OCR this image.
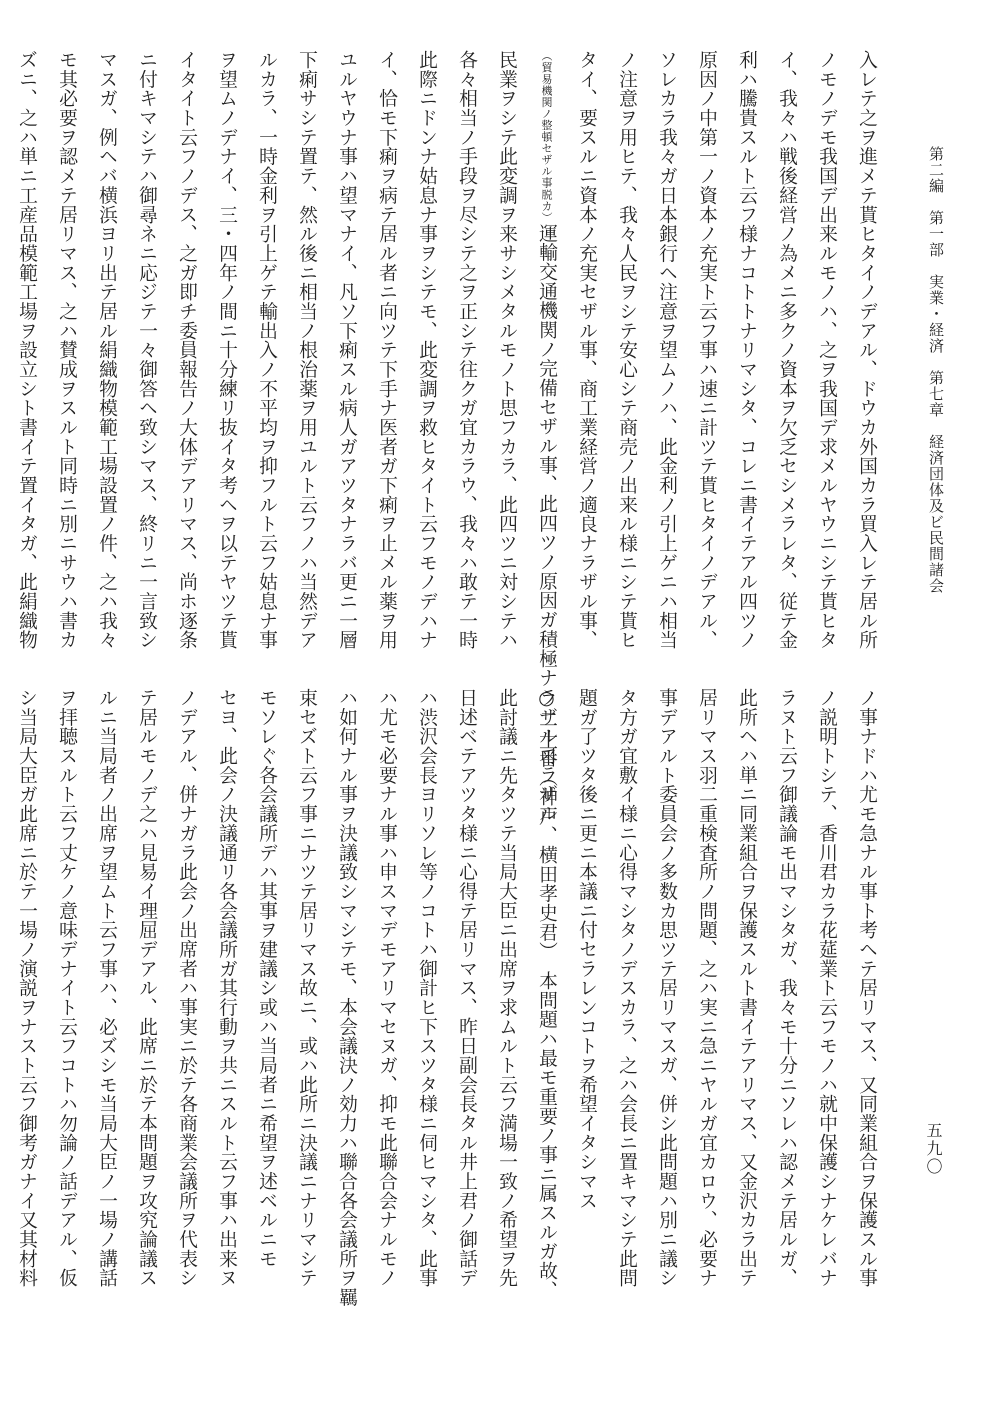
第二編　第一部　実業・経済　第七章　経済団体及ビ民間諸会

入レテ之ヲ進メテ貰ヒタイノデアル、ドウカ外国カラ買入レテ居ル所
ノモノデモ我国デ出来ルモノハ、之ヲ我国デ求メルヤウニシテ貰ヒタ
イ、我々ハ戦後経営ノ為メニ多クノ資本ヲ欠乏セシメラレタ、従テ金
利ハ騰貴スルト云フ様ナコトトナリマシタ、コレニ書イテアル四ツノ
原因ノ中第一ノ資本ノ充実ト云フ事ハ速ニ計ツテ貰ヒタイノデアル、
ソレカラ我々ガ日本銀行ヘ注意ヲ望ムノハ、此金利ノ引上ゲニハ相当
ノ注意ヲ用ヒテ、我々人民ヲシテ安心シテ商売ノ出来ル様ニシテ貰ヒ
タイ、要スルニ資本ノ充実セザル事、商工業経営ノ適良ナラザル事、
（貿易機関ノ整頓セザル事脱カ）運輸交通機関ノ完備セザル事、此四ツノ原因ガ積極ナラザル可ラザル
民業ヲシテ此変調ヲ来サシメタルモノト思フカラ、此四ツニ対シテハ
各々相当ノ手段ヲ尽シテ之ヲ正シテ往クガ宜カラウ、我々ハ敢テ一時
此際ニドンナ姑息ナ事ヲシテモ、此変調ヲ救ヒタイト云フモノデハナ
イ、恰モ下痢ヲ病テ居ル者ニ向ツテ下手ナ医者ガ下痢ヲ止メル薬ヲ用
ユルヤウナ事ハ望マナイ、凡ソ下痢スル病人ガアツタナラバ更ニ一層
下痢サシテ置テ、然ル後ニ相当ノ根治薬ヲ用ユルト云フノハ当然デア
ルカラ、一時金利ヲ引上ゲテ輸出入ノ不平均ヲ抑フルト云フ姑息ナ事
ヲ望ムノデナイ、三・四年ノ間ニ十分練リ抜イタ考ヘヲ以テヤツテ貰
イタイト云フノデス、之ガ即チ委員報告ノ大体デアリマス、尚ホ逐条
ニ付キマシテハ御尋ネニ応ジテ一々御答ヘ致シマス、終リニ一言致シ
マスガ、例ヘバ横浜ヨリ出テ居ル絹織物模範工場設置ノ件、之ハ我々
モ其必要ヲ認メテ居リマス、之ハ賛成ヲスルト同時ニ別ニサウハ書カ
ズニ、之ハ単ニ工産品模範工場ヲ設立シト書イテ置イタガ、此絹織物

五九〇

ノ事ナドハ尤モ急ナル事ト考ヘテ居リマス、又同業組合ヲ保護スル事
ノ説明トシテ、香川君カラ花莚業ト云フモノハ就中保護シナケレバナ
ラヌト云フ御議論モ出マシタガ、我々モ十分ニソレハ認メテ居ルガ、
此所ヘハ単ニ同業組合ヲ保護スルト書イテアリマス、又金沢カラ出テ
居リマス羽二重検査所ノ問題、之ハ実ニ急ニヤルガ宜カロウ、必要ナ
事デアルト委員会ノ多数カ思ツテ居リマスガ、併シ此問題ハ別ニ議シ
タ方ガ宜敷イ様ニ心得マシタノデスカラ、之ハ会長ニ置キマシテ此問
題ガ了ツタ後ニ更ニ本議ニ付セラレンコトヲ希望イタシマス
○二十番（神戸、横田孝史君）　本問題ハ最モ重要ノ事ニ属スルガ故、
此討議ニ先タツテ当局大臣ニ出席ヲ求ムルト云フ満場一致ノ希望ヲ先
日述ベテアツタ様ニ心得テ居リマス、昨日副会長タル井上君ノ御話デ
ハ渋沢会長ヨリソレ等ノコトハ御計ヒ下スツタ様ニ伺ヒマシタ、此事
ハ尤モ必要ナル事ハ申スマデモアリマセヌガ、抑モ此聯合会ナルモノ
ハ如何ナル事ヲ決議致シマシテモ、本会議決ノ効力ハ聯合各会議所ヲ羈
束セズト云フ事ニナツテ居リマス故ニ、或ハ此所ニ決議ニナリマシテ
モソレぐ各会議所デハ其事ヲ建議シ或ハ当局者ニ希望ヲ述ベルニモ
セヨ、此会ノ決議通リ各会議所ガ其行動ヲ共ニスルト云フ事ハ出来ヌ
ノデアル、併ナガラ此会ノ出席者ハ事実ニ於テ各商業会議所ヲ代表シ
テ居ルモノデ之ハ見易イ理屈デアル、此席ニ於テ本問題ヲ攻究論議ス
ルニ当局者ノ出席ヲ望ムト云フ事ハ、必ズシモ当局大臣ノ一場ノ講話
ヲ拝聴スルト云フ丈ケノ意味デナイト云フコトハ勿論ノ話デアル、仮
シ当局大臣ガ此席ニ於テ一場ノ演説ヲナスト云フ御考ガナイ又其材料
